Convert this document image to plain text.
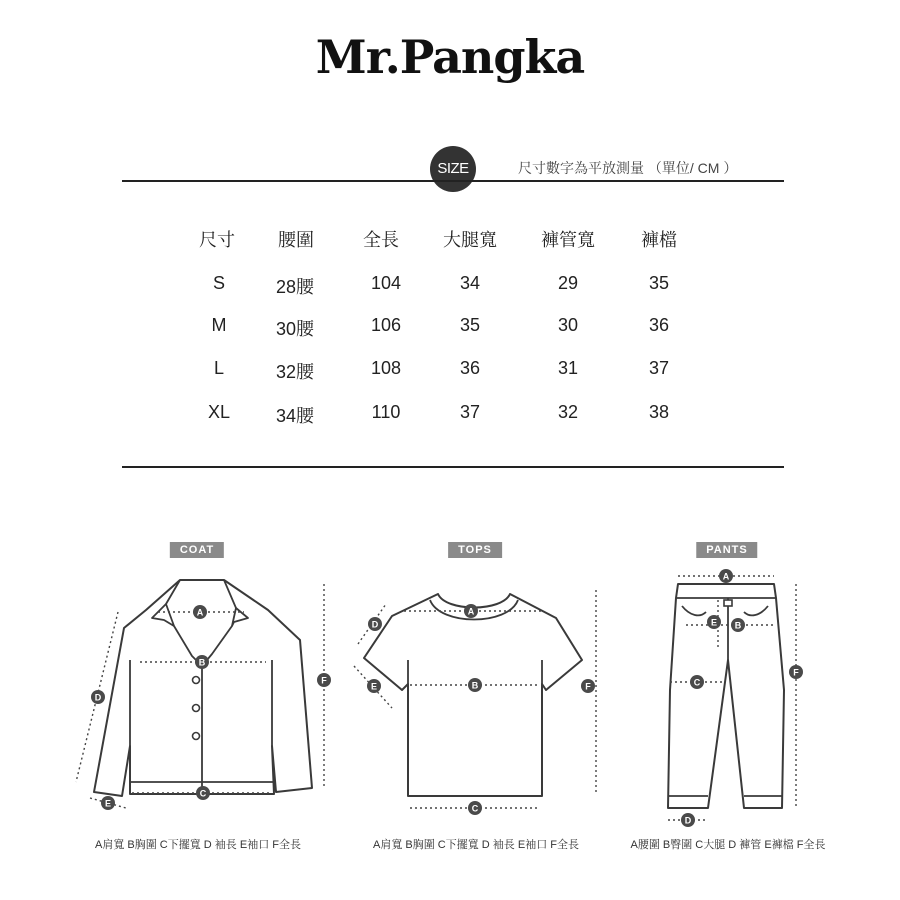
Mr.Pangka
SIZE	尺寸數字為平放測量 （單位/ CM ）
尺寸	腰圍	全長	大腿寬	褲管寬	褲檔
S	28腰	104	34	29	35
M	30腰	106	35	30	36
L	32腰	108	36	31	37
XL	34腰	110	37	32	38
COAT	TOPS	PANTS
A
B
C
D
E
F
A
B
C
D
E	F
A
B
C
D
E
F
A肩寬 B胸圍 C下擺寬 D 袖長 E袖口 F全長	A肩寬 B胸圍 C下擺寬 D 袖長 E袖口 F全長	A腰圍 B臀圍 C大腿 D 褲管 E褲檔 F全長
